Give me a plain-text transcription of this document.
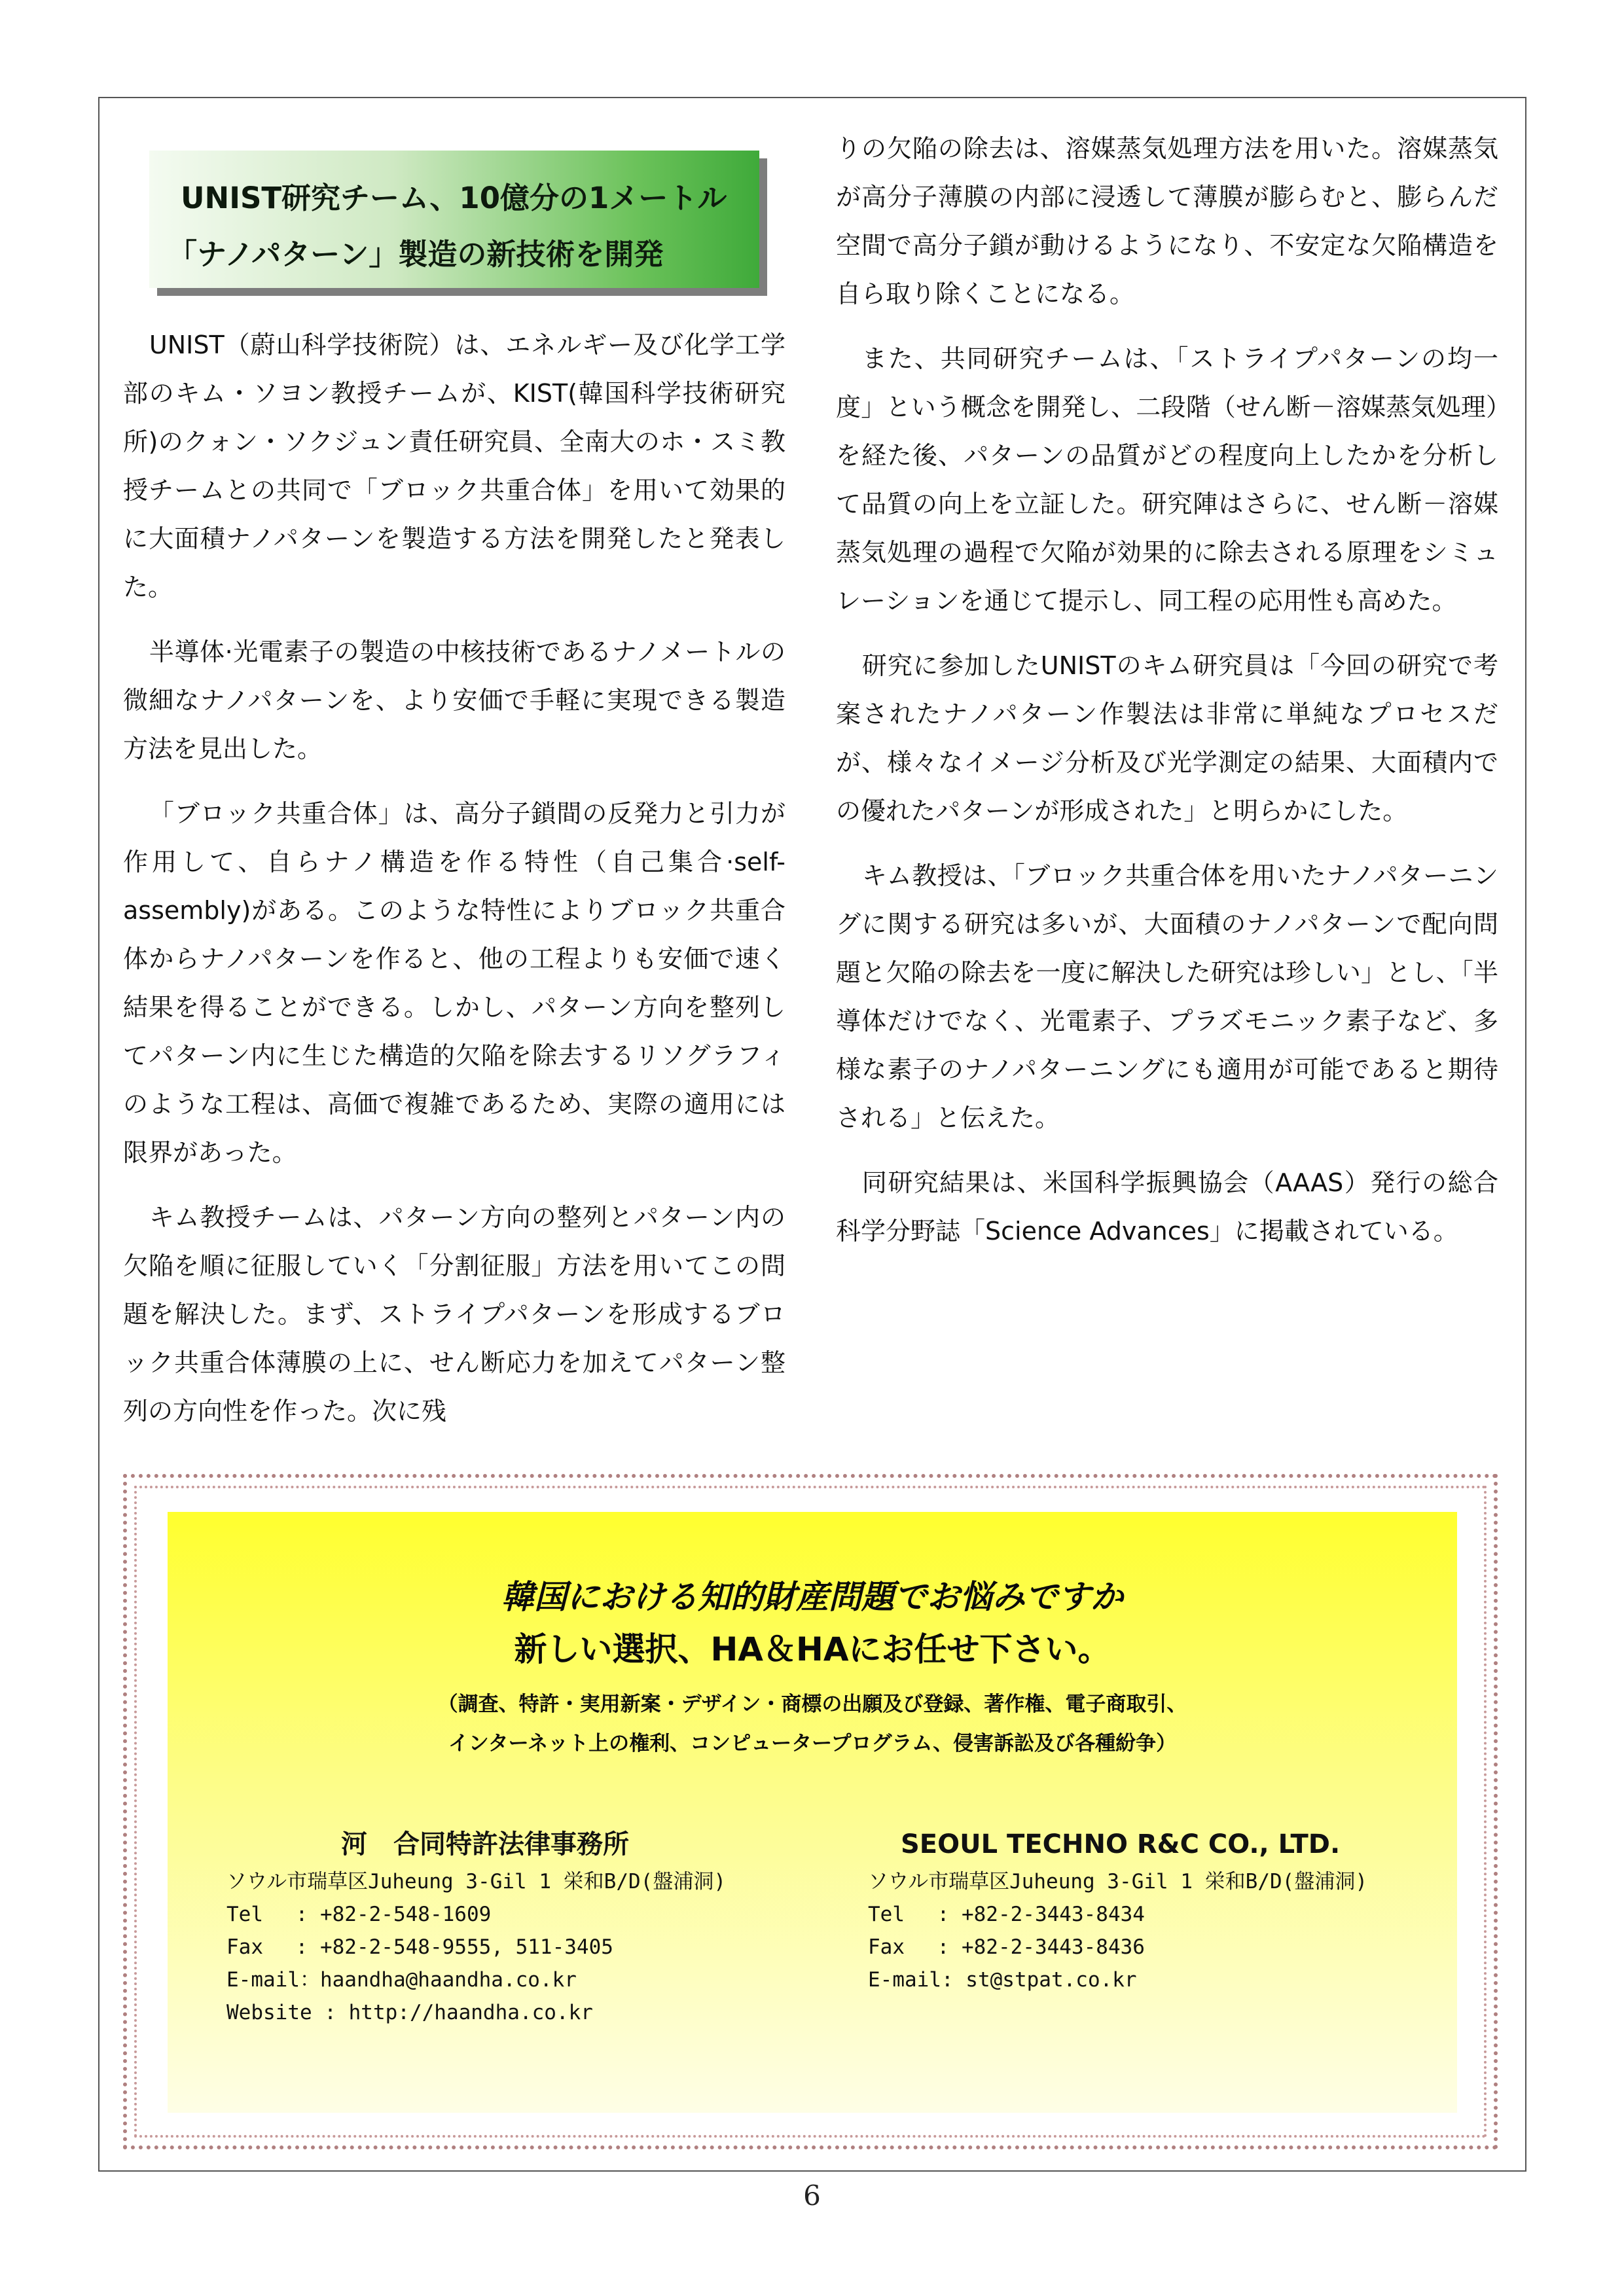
UNIST研究チーム、10億分の1メートル
「ナノパターン」製造の新技術を開発

UNIST（蔚山科学技術院）は、エネルギー及び化学工学部のキム・ソヨン教授チームが、KIST(韓国科学技術研究所)のクォン・ソクジュン責任研究員、全南大のホ・スミ教授チームとの共同で「ブロック共重合体」を用いて効果的に大面積ナノパターンを製造する方法を開発したと発表した。

半導体·光電素子の製造の中核技術であるナノメートルの微細なナノパターンを、より安価で手軽に実現できる製造方法を見出した。

「ブロック共重合体」は、高分子鎖間の反発力と引力が作用して、自らナノ構造を作る特性（自己集合·self-assembly)がある。このような特性によりブロック共重合体からナノパターンを作ると、他の工程よりも安価で速く結果を得ることができる。しかし、パターン方向を整列してパターン内に生じた構造的欠陥を除去するリソグラフィのような工程は、高価で複雑であるため、実際の適用には限界があった。

キム教授チームは、パターン方向の整列とパターン内の欠陥を順に征服していく「分割征服」方法を用いてこの問題を解決した。まず、ストライプパターンを形成するブロック共重合体薄膜の上に、せん断応力を加えてパターン整列の方向性を作った。次に残

りの欠陥の除去は、溶媒蒸気処理方法を用いた。溶媒蒸気が高分子薄膜の内部に浸透して薄膜が膨らむと、膨らんだ空間で高分子鎖が動けるようになり、不安定な欠陥構造を自ら取り除くことになる。

また、共同研究チームは、「ストライプパターンの均一度」という概念を開発し、二段階（せん断－溶媒蒸気処理）を経た後、パターンの品質がどの程度向上したかを分析して品質の向上を立証した。研究陣はさらに、せん断－溶媒蒸気処理の過程で欠陥が効果的に除去される原理をシミュレーションを通じて提示し、同工程の応用性も高めた。

研究に参加したUNISTのキム研究員は「今回の研究で考案されたナノパターン作製法は非常に単純なプロセスだが、様々なイメージ分析及び光学測定の結果、大面積内での優れたパターンが形成された」と明らかにした。

キム教授は、「ブロック共重合体を用いたナノパターニングに関する研究は多いが、大面積のナノパターンで配向問題と欠陥の除去を一度に解決した研究は珍しい」とし、「半導体だけでなく、光電素子、プラズモニック素子など、多様な素子のナノパターニングにも適用が可能であると期待される」と伝えた。

同研究結果は、米国科学振興協会（AAAS）発行の総合科学分野誌「Science Advances」に掲載されている。

韓国における知的財産問題でお悩みですか
新しい選択、HA＆HAにお任せ下さい。
（調査、特許・実用新案・デザイン・商標の出願及び登録、著作権、電子商取引、
インターネット上の権利、コンピュータープログラム、侵害訴訟及び各種紛争）
河　合同特許法律事務所
ソウル市瑞草区Juheung 3-Gil 1 栄和B/D(盤浦洞)
Tel　 : +82-2-548-1609
Fax　 : +82-2-548-9555, 511-3405
E-mail：haandha@haandha.co.kr
Website : http://haandha.co.kr
SEOUL TECHNO R&C CO., LTD.
ソウル市瑞草区Juheung 3-Gil 1 栄和B/D(盤浦洞)
Tel　 : +82-2-3443-8434
Fax　 : +82-2-3443-8436
E-mail: st@stpat.co.kr
6
